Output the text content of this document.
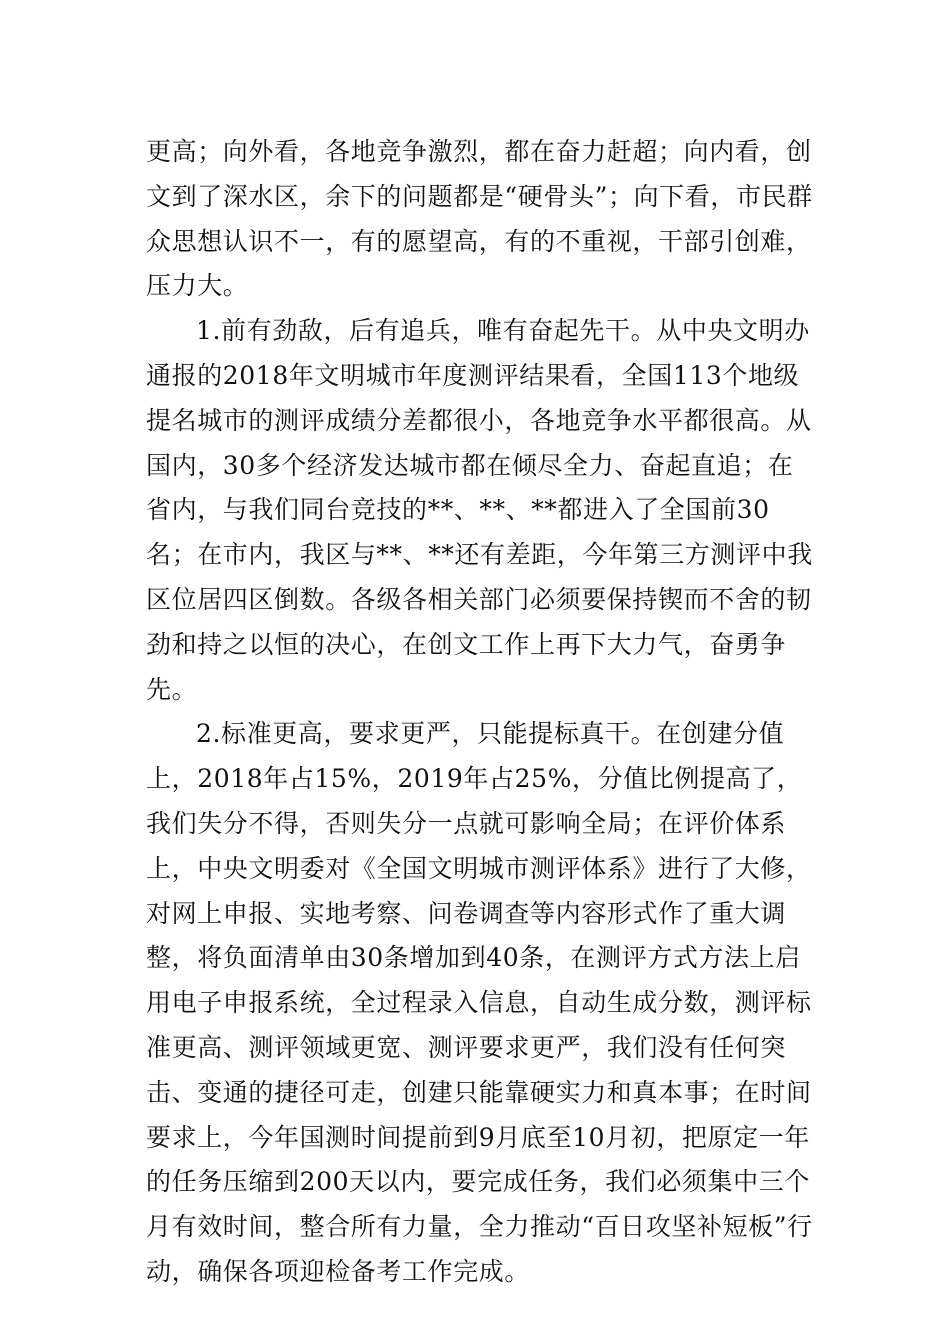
更高；向外看，各地竞争激烈，都在奋力赶超；向内看，创文到了深水区，余下的问题都是“硬骨头”；向下看，市民群众思想认识不一，有的愿望高，有的不重视，干部引创难，压力大。

1.前有劲敌，后有追兵，唯有奋起先干。从中央文明办通报的2018年文明城市年度测评结果看，全国113个地级提名城市的测评成绩分差都很小，各地竞争水平都很高。从国内，30多个经济发达城市都在倾尽全力、奋起直追；在省内，与我们同台竞技的**、**、**都进入了全国前30名；在市内，我区与**、**还有差距，今年第三方测评中我区位居四区倒数。各级各相关部门必须要保持锲而不舍的韧劲和持之以恒的决心，在创文工作上再下大力气，奋勇争先。

2.标准更高，要求更严，只能提标真干。在创建分值上，2018年占15%，2019年占25%，分值比例提高了，我们失分不得，否则失分一点就可影响全局；在评价体系上，中央文明委对《全国文明城市测评体系》进行了大修，对网上申报、实地考察、问卷调查等内容形式作了重大调整，将负面清单由30条增加到40条，在测评方式方法上启用电子申报系统，全过程录入信息，自动生成分数，测评标准更高、测评领域更宽、测评要求更严，我们没有任何突击、变通的捷径可走，创建只能靠硬实力和真本事；在时间要求上，今年国测时间提前到9月底至10月初，把原定一年的任务压缩到200天以内，要完成任务，我们必须集中三个月有效时间，整合所有力量，全力推动“百日攻坚补短板”行动，确保各项迎检备考工作完成。
